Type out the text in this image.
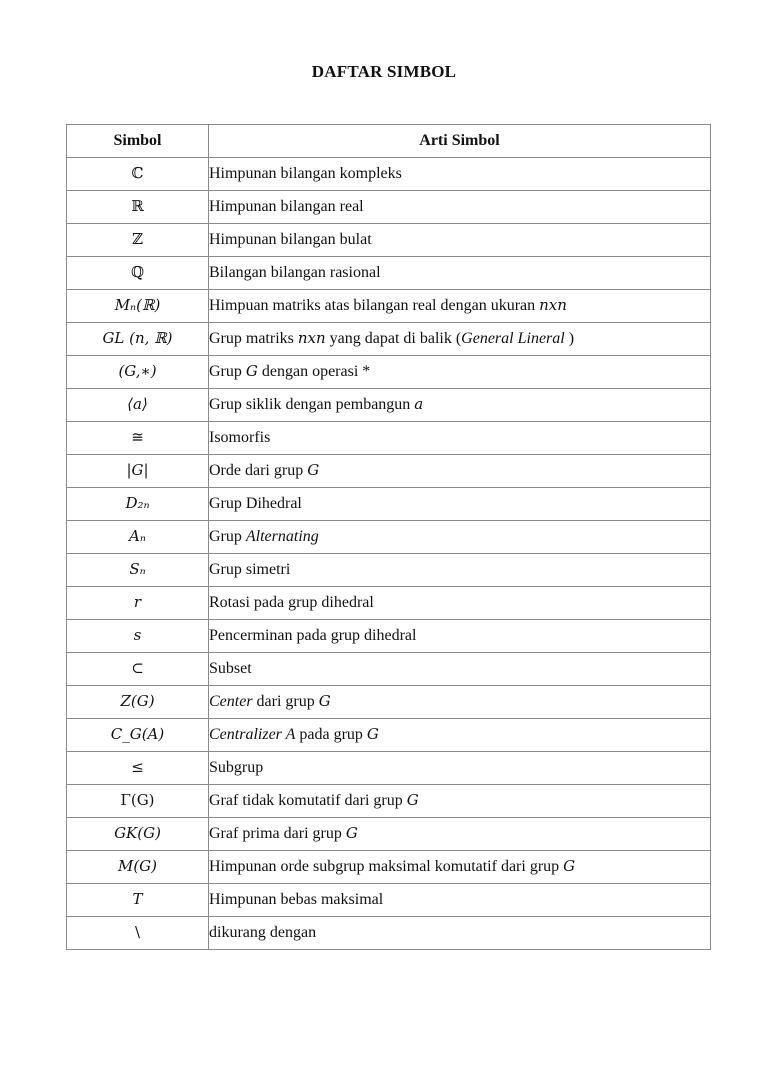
DAFTAR SIMBOL
Simbol	Arti Simbol
ℂ	Himpunan bilangan kompleks
ℝ	Himpunan bilangan real
ℤ	Himpunan bilangan bulat
ℚ	Bilangan bilangan rasional
Mₙ(ℝ)	Himpuan matriks atas bilangan real dengan ukuran nxn
GL (n, ℝ)	Grup matriks nxn yang dapat di balik (General Lineral )
(G,∗)	Grup G dengan operasi *
⟨a⟩	Grup siklik dengan pembangun a
≅	Isomorfis
|G|	Orde dari grup G
D₂ₙ	Grup Dihedral
Aₙ	Grup Alternating
Sₙ	Grup simetri
r	Rotasi pada grup dihedral
s	Pencerminan pada grup dihedral
⊂	Subset
Z(G)	Center dari grup G
C_G(A)	Centralizer A pada grup G
≤	Subgrup
Γ(G)	Graf tidak komutatif dari grup G
GK(G)	Graf prima dari grup G
M(G)	Himpunan orde subgrup maksimal komutatif dari grup G
T	Himpunan bebas maksimal
\	dikurang dengan
